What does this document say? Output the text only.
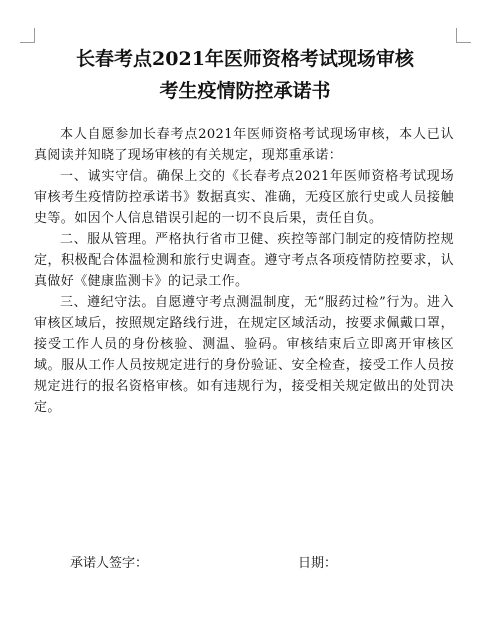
长春考点2021年医师资格考试现场审核
考生疫情防控承诺书

本人自愿参加长春考点2021年医师资格考试现场审核，本人已认真阅读并知晓了现场审核的有关规定，现郑重承诺：

一、诚实守信。确保上交的《长春考点2021年医师资格考试现场审核考生疫情防控承诺书》数据真实、准确，无疫区旅行史或人员接触史等。如因个人信息错误引起的一切不良后果，责任自负。

二、服从管理。严格执行省市卫健、疾控等部门制定的疫情防控规定，积极配合体温检测和旅行史调查。遵守考点各项疫情防控要求，认真做好《健康监测卡》的记录工作。

三、遵纪守法。自愿遵守考点测温制度，无“服药过检”行为。进入审核区域后，按照规定路线行进，在规定区域活动，按要求佩戴口罩，接受工作人员的身份核验、测温、验码。审核结束后立即离开审核区域。服从工作人员按规定进行的身份验证、安全检查，接受工作人员按规定进行的报名资格审核。如有违规行为，接受相关规定做出的处罚决定。

承诺人签字：	日期：
